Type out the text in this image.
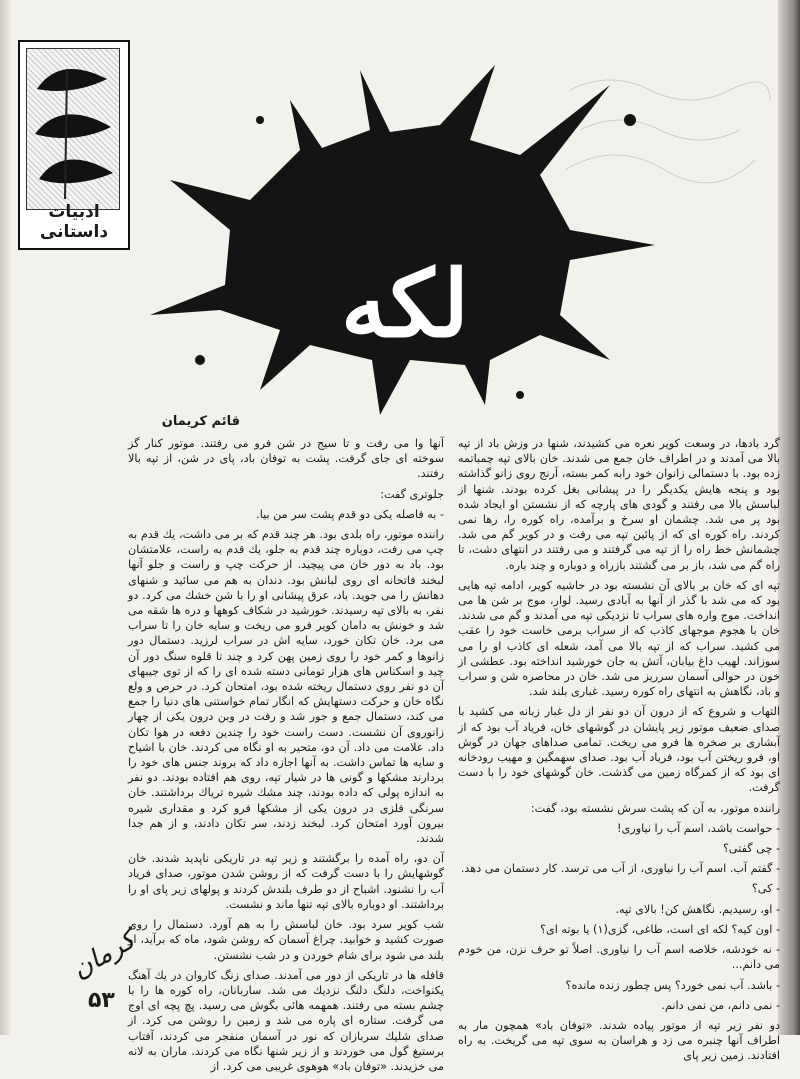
ادبیات داستانی
لکه
قائم کریمان

گرد بادها، در وسعت کویر نعره می کشیدند، شنها در وزش باد از تپه بالا می آمدند و در اطراف خان جمع می شدند. خان بالای تپه چمباتمه زده بود. با دستمالی زانوان خود رابه کمر بسته، آرنج روی زانو گذاشته بود و پنجه هایش یکدیگر را در پیشانی بغل کرده بودند. شنها از لباسش بالا می رفتند و گودی های پارچه که از نشستن او ایجاد شده بود پر می شد. چشمان او سرخ و برآمده، راه کوره را، رها نمی کردند. راه کوره ای که از پائین تپه می رفت و در کویر گم می شد. چشمانش خط راه را از تپه می گرفتند و می رفتند در انتهای دشت، تا راه گم می شد، باز بر می گشتند بازراه و دوباره و چند باره.

تپه ای که خان بر بالای آن نشسته بود در حاشیه کویر، ادامه تپه هایی بود که می شد با گذر از آنها به آبادی رسید. لوار، موج بر شن ها می انداخت. موج واره های سراب تا نزدیکی تپه می آمدند و گم می شدند. خان با هجوم موجهای کاذب که از سراب برمی خاست خود را عقب می کشید. سراب که از تپه بالا می آمد، شعله ای کاذب او را می سوزاند. لهیب داغ بیابان، آتش به جان خورشید انداخته بود. عطشی از خون در حوالی آسمان سرریز می شد. خان در محاصره شن و سراب و باد، نگاهش به انتهای راه کوره رسید. غباری بلند شد.

التهاب و شروع که از درون آن دو نفر از دل غبار زبانه می کشید با صدای ضعیف موتور زیر پایشان در گوشهای خان، فریاد آب بود که از آبشاری بر صخره ها فرو می ریخت. تمامی صداهای جهان در گوش او، فرو ریختن آب بود، فریاد آب بود. صدای سهمگین و مهیب رودخانه ای بود که از کمرگاه زمین می گذشت. خان گوشهای خود را با دست گرفت.

راننده موتور، به آن که پشت سرش نشسته بود، گفت:

- حواست باشد، اسم آب را نیاوری!

- چی گفتی؟

- گفتم آب. اسم آب را نیاوری، از آب می ترسد. کار دستمان می دهد.

- کی؟

- او، رسیدیم. نگاهش کن! بالای تپه.

- اون کیه؟ لکه ای است، طاغی، گزی(۱) یا بوته ای؟

- نه خودشه، خلاصه اسم آب را نیاوری. اصلاً تو حرف نزن، من خودم می دانم...

- باشد. آب نمی خورد؟ پس چطور زنده مانده؟

- نمی دانم، من نمی دانم.

دو نفر زیر تپه از موتور پیاده شدند. «توفان باد» همچون مار به اطراف آنها چنبره می زد و هراسان به سوی تپه می گریخت. به راه افتادند. زمین زیر پای

آنها وا می رفت و تا سیج در شن فرو می رفتند. موتور کنار گز سوخته ای جای گرفت. پشت به توفان باد، پای در شن، از تپه بالا رفتند.

جلوتری گفت:

- به فاصله یکی دو قدم پشت سر من بیا.

راننده موتور، راه بلدی بود. هر چند قدم که بر می داشت، یك قدم به چپ می رفت، دوباره چند قدم به جلو، یك قدم به راست، علامتشان بود. باد به دور خان می پیچید. از حرکت چپ و راست و جلو آنها لبخند فاتحانه ای روی لبانش بود. دندان به هم می سائید و شنهای دهانش را می جوید. باد، عرق پیشانی او را با شن خشك می کرد. دو نفر، به بالای تپه رسیدند. خورشید در شکاف کوهها و دره ها شقه می شد و خونش به دامان کویر فرو می ریخت و سایه خان را تا سراب می برد. خان تکان خورد، سایه اش در سراب لرزید. دستمال دور زانوها و کمر خود را روی زمین پهن کرد و چند تا قلوه سنگ دور آن چید و اسکناس های هزار تومانی دسته شده ای را که از توی جیبهای آن دو نفر روی دستمال ریخته شده بود، امتحان کرد. در حرص و ولع نگاه خان و حرکت دستهایش که انگار تمام خواستنی های دنیا را جمع می کند، دستمال جمع و جور شد و رفت در وبن درون یکی از چهار زانوروی آن نشست. دست راست خود را چندین دفعه در هوا تکان داد. علامت می داد. آن دو، متحیر به او نگاه می کردند. خان با اشیاح و سایه ها تماس داشت. به آنها اجازه داد که بروند جنس های خود را بردارند مشکها و گونی ها در شیار تپه، روی هم افتاده بودند. دو نفر به اندازه پولی که داده بودند، چند مشك شیره تریاك برداشتند. خان سرنگی فلزی در درون یکی از مشکها فرو کرد و مقداری شیره بیرون آورد امتحان کرد. لبخند زدند، سر تکان دادند، و از هم جدا شدند.

آن دو، راه آمده را برگشتند و زیر تپه در تاریکی ناپدید شدند. خان گوشهایش را با دست گرفت که از روشن شدن موتور، صدای فریاد آب را نشنود. اشباح از دو طرف بلندش کردند و پولهای زیر پای او را برداشتند. او دوباره بالای تپه تنها ماند و نشست.

شب کویر سرد بود. خان لباسش را به هم آورد. دستمال را روی صورت کشید و خوابید. چراغ آسمان که روشن شود، ماه که برآید، او بلند می شود برای شام خوردن و در شب نشستن.

قافله ها در تاریکی از دور می آمدند. صدای زنگ کاروان در یك آهنگ یکنواخت، دلنگ دلنگ نزدیك می شد. ساربانان، راه کوره ها را با چشم بسته می رفتند. همهمه هائی بگوش می رسید. پچ پچه ای اوج می گرفت. ستاره ای پاره می شد و زمین را روشن می کرد. از صدای شلیك سربازان که نور در آسمان منفجر می کردند، آفتاب برستیغ گول می خوردند و از زیر شنها نگاه می کردند. ماران به لانه می خزیدند. «توفان باد» هوهوی غریبی می کرد. از

کرمان
۵۳
